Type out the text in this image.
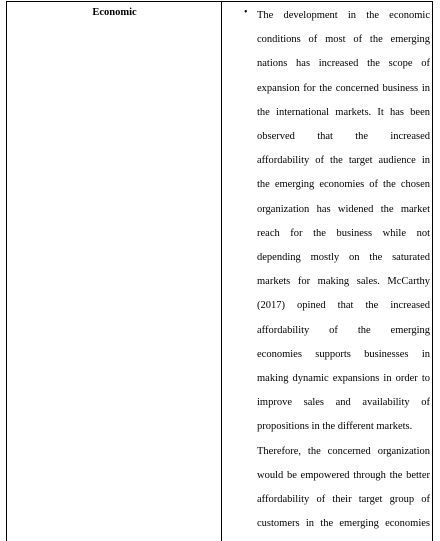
Economic	• The development in the economic
conditions of most of the emerging
nations has increased the scope of
expansion for the concerned business in
the international markets. It has been
observed that the increased
affordability of the target audience in
the emerging economies of the chosen
organization has widened the market
reach for the business while not
depending mostly on the saturated
markets for making sales. McCarthy
(2017) opined that the increased
affordability of the emerging
economies supports businesses in
making dynamic expansions in order to
improve sales and availability of
propositions in the different markets.
Therefore, the concerned organization
would be empowered through the better
affordability of their target group of
customers in the emerging economies
